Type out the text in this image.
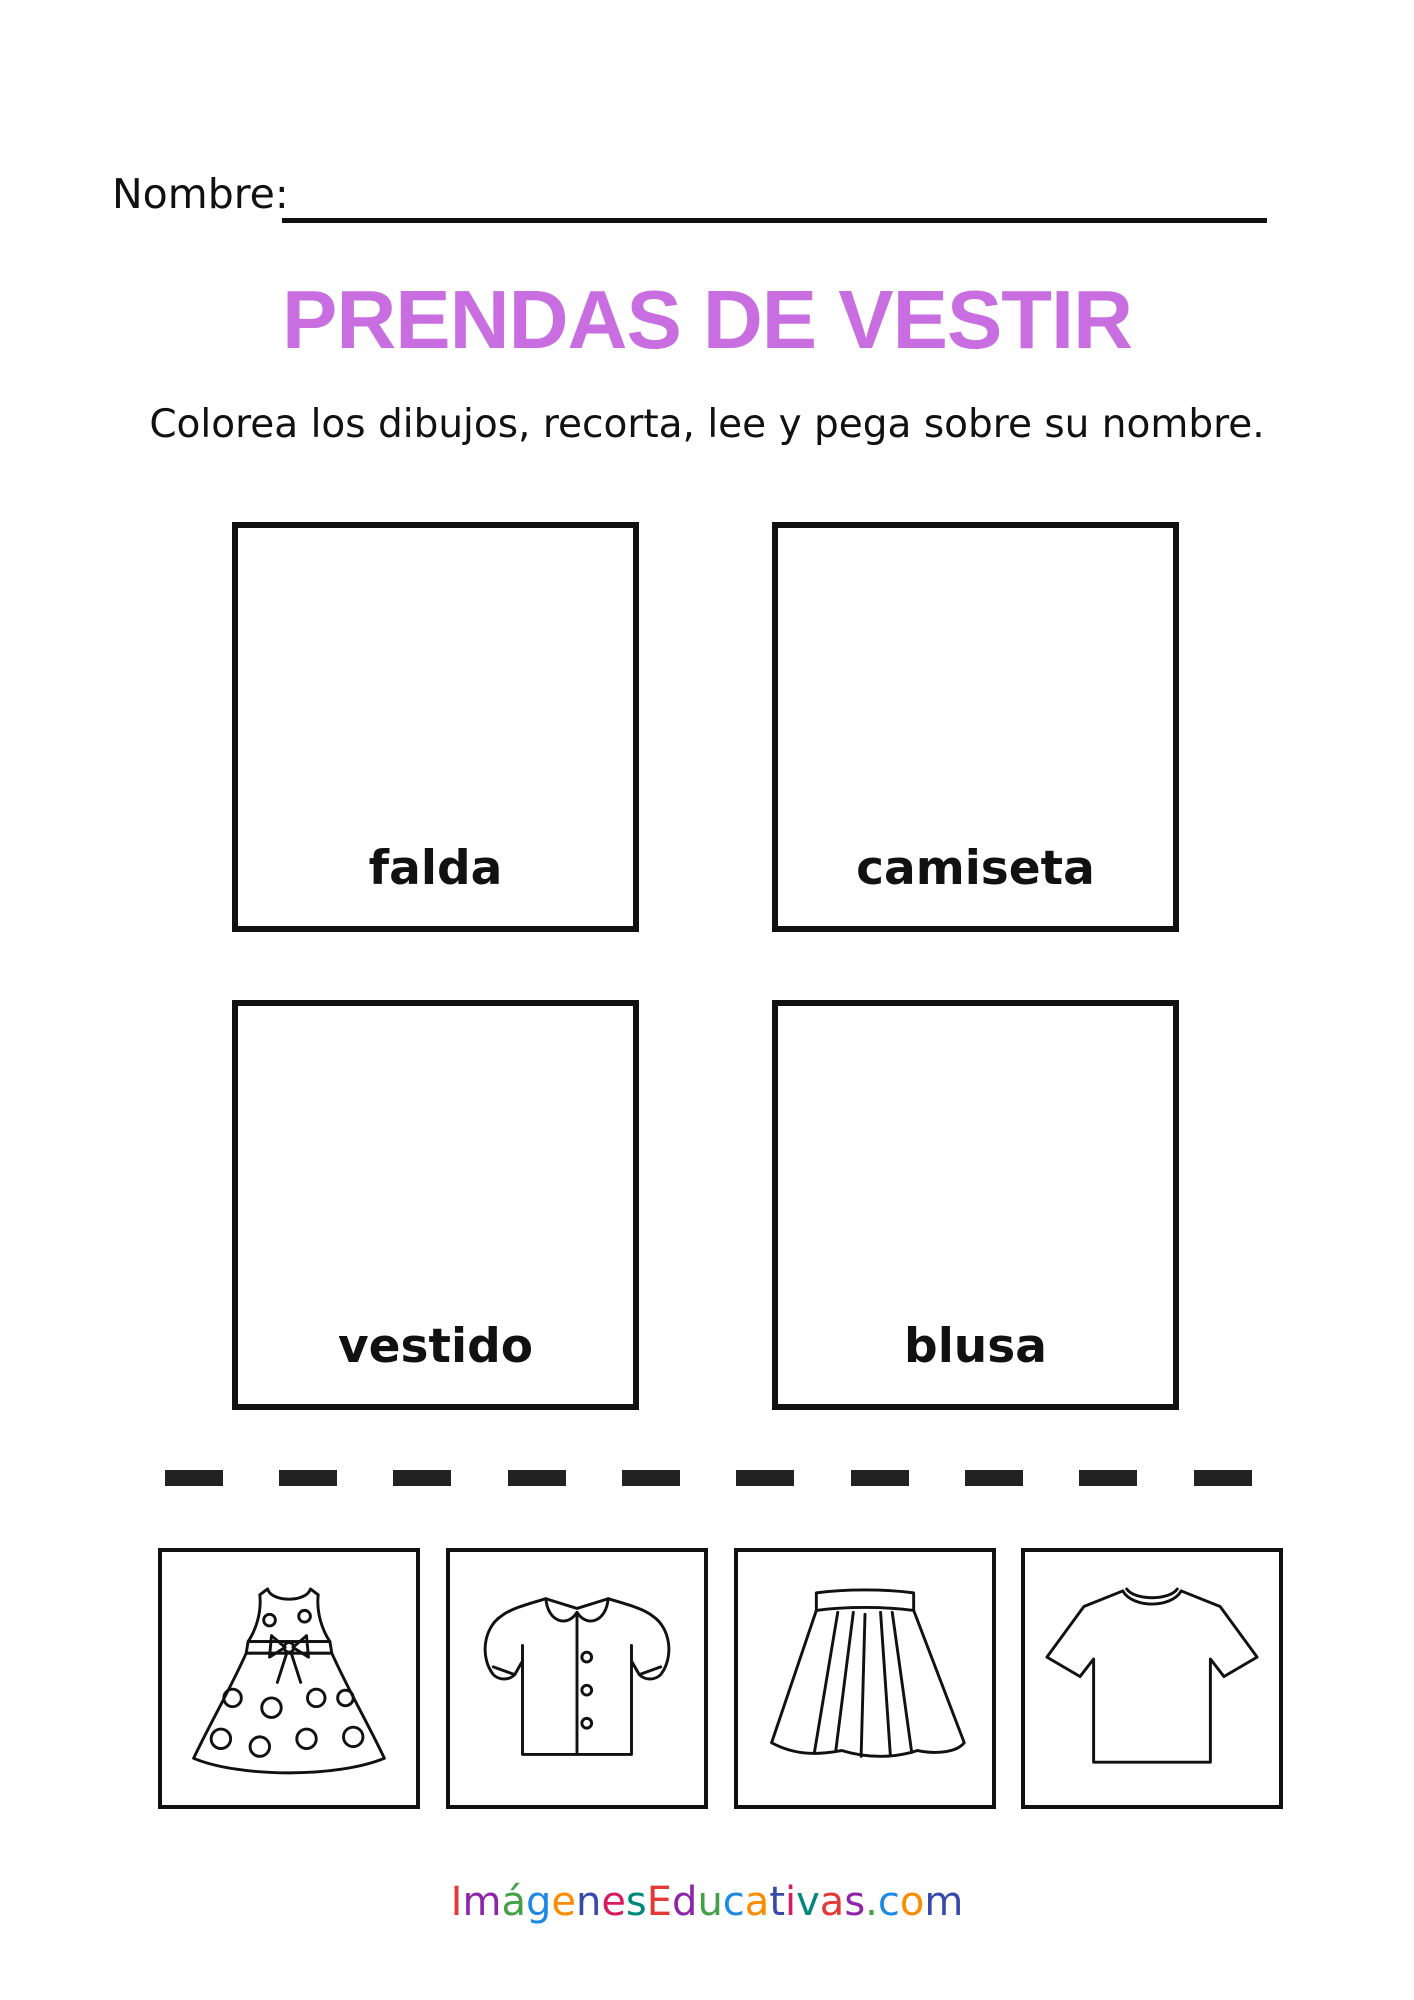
Nombre:
PRENDAS DE VESTIR
Colorea los dibujos, recorta, lee y pega sobre su nombre.
falda	camiseta
vestido	blusa
ImágenesEducativas.com
